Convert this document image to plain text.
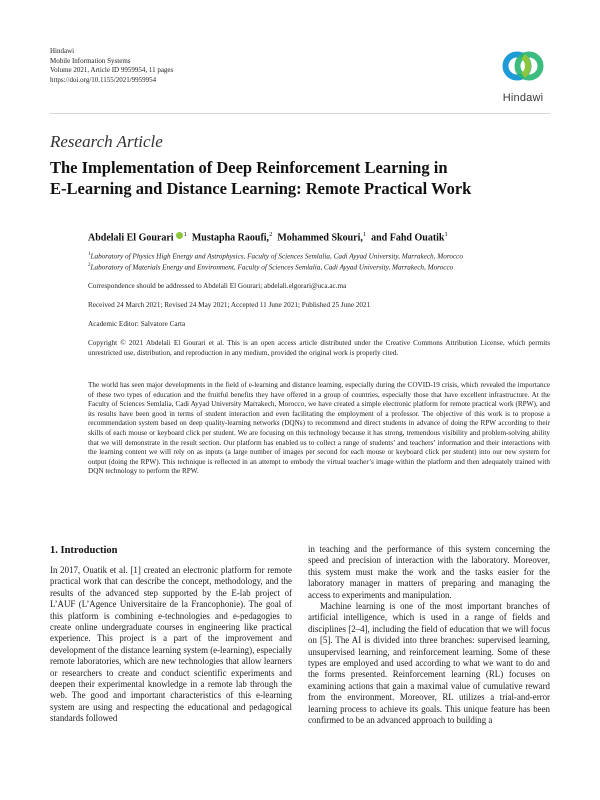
Hindawi
Mobile Information Systems
Volume 2021, Article ID 9959954, 11 pages
https://doi.org/10.1155/2021/9959954
Hindawi
Research Article
The Implementation of Deep Reinforcement Learning in
E-Learning and Distance Learning: Remote Practical Work
Abdelali El Gourari $^1$ Mustapha Raoufi,$^2$ Mohammed Skouri,$^1$ and Fahd Ouatik$^1$
$^1$Laboratory of Physics High Energy and Astrophysics, Faculty of Sciences Semlalia, Cadi Ayyad University, Marrakech, Morocco
$^2$Laboratory of Materials Energy and Environment, Faculty of Sciences Semlalia, Cadi Ayyad University, Marrakech, Morocco
Correspondence should be addressed to Abdelali El Gourari; abdelali.elgorari@uca.ac.ma
Received 24 March 2021; Revised 24 May 2021; Accepted 11 June 2021; Published 25 June 2021
Academic Editor: Salvatore Carta
Copyright © 2021 Abdelali El Gourari et al. This is an open access article distributed under the Creative Commons Attribution License, which permits unrestricted use, distribution, and reproduction in any medium, provided the original work is properly cited.
The world has seen major developments in the field of e-learning and distance learning, especially during the COVID-19 crisis, which revealed the importance of these two types of education and the fruitful benefits they have offered in a group of countries, especially those that have excellent infrastructure. At the Faculty of Sciences Semlalia, Cadi Ayyad University Marrakech, Morocco, we have created a simple electronic platform for remote practical work (RPW), and its results have been good in terms of student interaction and even facilitating the employment of a professor. The objective of this work is to propose a recommendation system based on deep quality-learning networks (DQNs) to recommend and direct students in advance of doing the RPW according to their skills of each mouse or keyboard click per student. We are focusing on this technology because it has strong, tremendous visibility and problem-solving ability that we will demonstrate in the result section. Our platform has enabled us to collect a range of students’ and teachers’ information and their interactions with the learning content we will rely on as inputs (a large number of images per second for each mouse or keyboard click per student) into our new system for output (doing the RPW). This technique is reflected in an attempt to embody the virtual teacher’s image within the platform and then adequately trained with DQN technology to perform the RPW.
1. Introduction

In 2017, Ouatik et al. [1] created an electronic platform for remote practical work that can describe the concept, methodology, and the results of the advanced step supported by the E-lab project of L’AUF (L’Agence Universitaire de la Francophonie). The goal of this platform is combining e-technologies and e-pedagogies to create online undergraduate courses in engineering like practical experience. This project is a part of the improvement and development of the distance learning system (e-learning), especially remote laboratories, which are new technologies that allow learners or researchers to create and conduct scientific experiments and deepen their experimental knowledge in a remote lab through the web. The good and important characteristics of this e-learning system are using and respecting the educational and pedagogical standards followed

in teaching and the performance of this system concerning the speed and precision of interaction with the laboratory. Moreover, this system must make the work and the tasks easier for the laboratory manager in matters of preparing and managing the access to experiments and manipulation.

Machine learning is one of the most important branches of artificial intelligence, which is used in a range of fields and disciplines [2–4], including the field of education that we will focus on [5]. The AI is divided into three branches: supervised learning, unsupervised learning, and reinforcement learning. Some of these types are employed and used according to what we want to do and the forms presented. Reinforcement learning (RL) focuses on examining actions that gain a maximal value of cumulative reward from the environment. Moreover, RL utilizes a trial-and-error learning process to achieve its goals. This unique feature has been confirmed to be an advanced approach to building a
